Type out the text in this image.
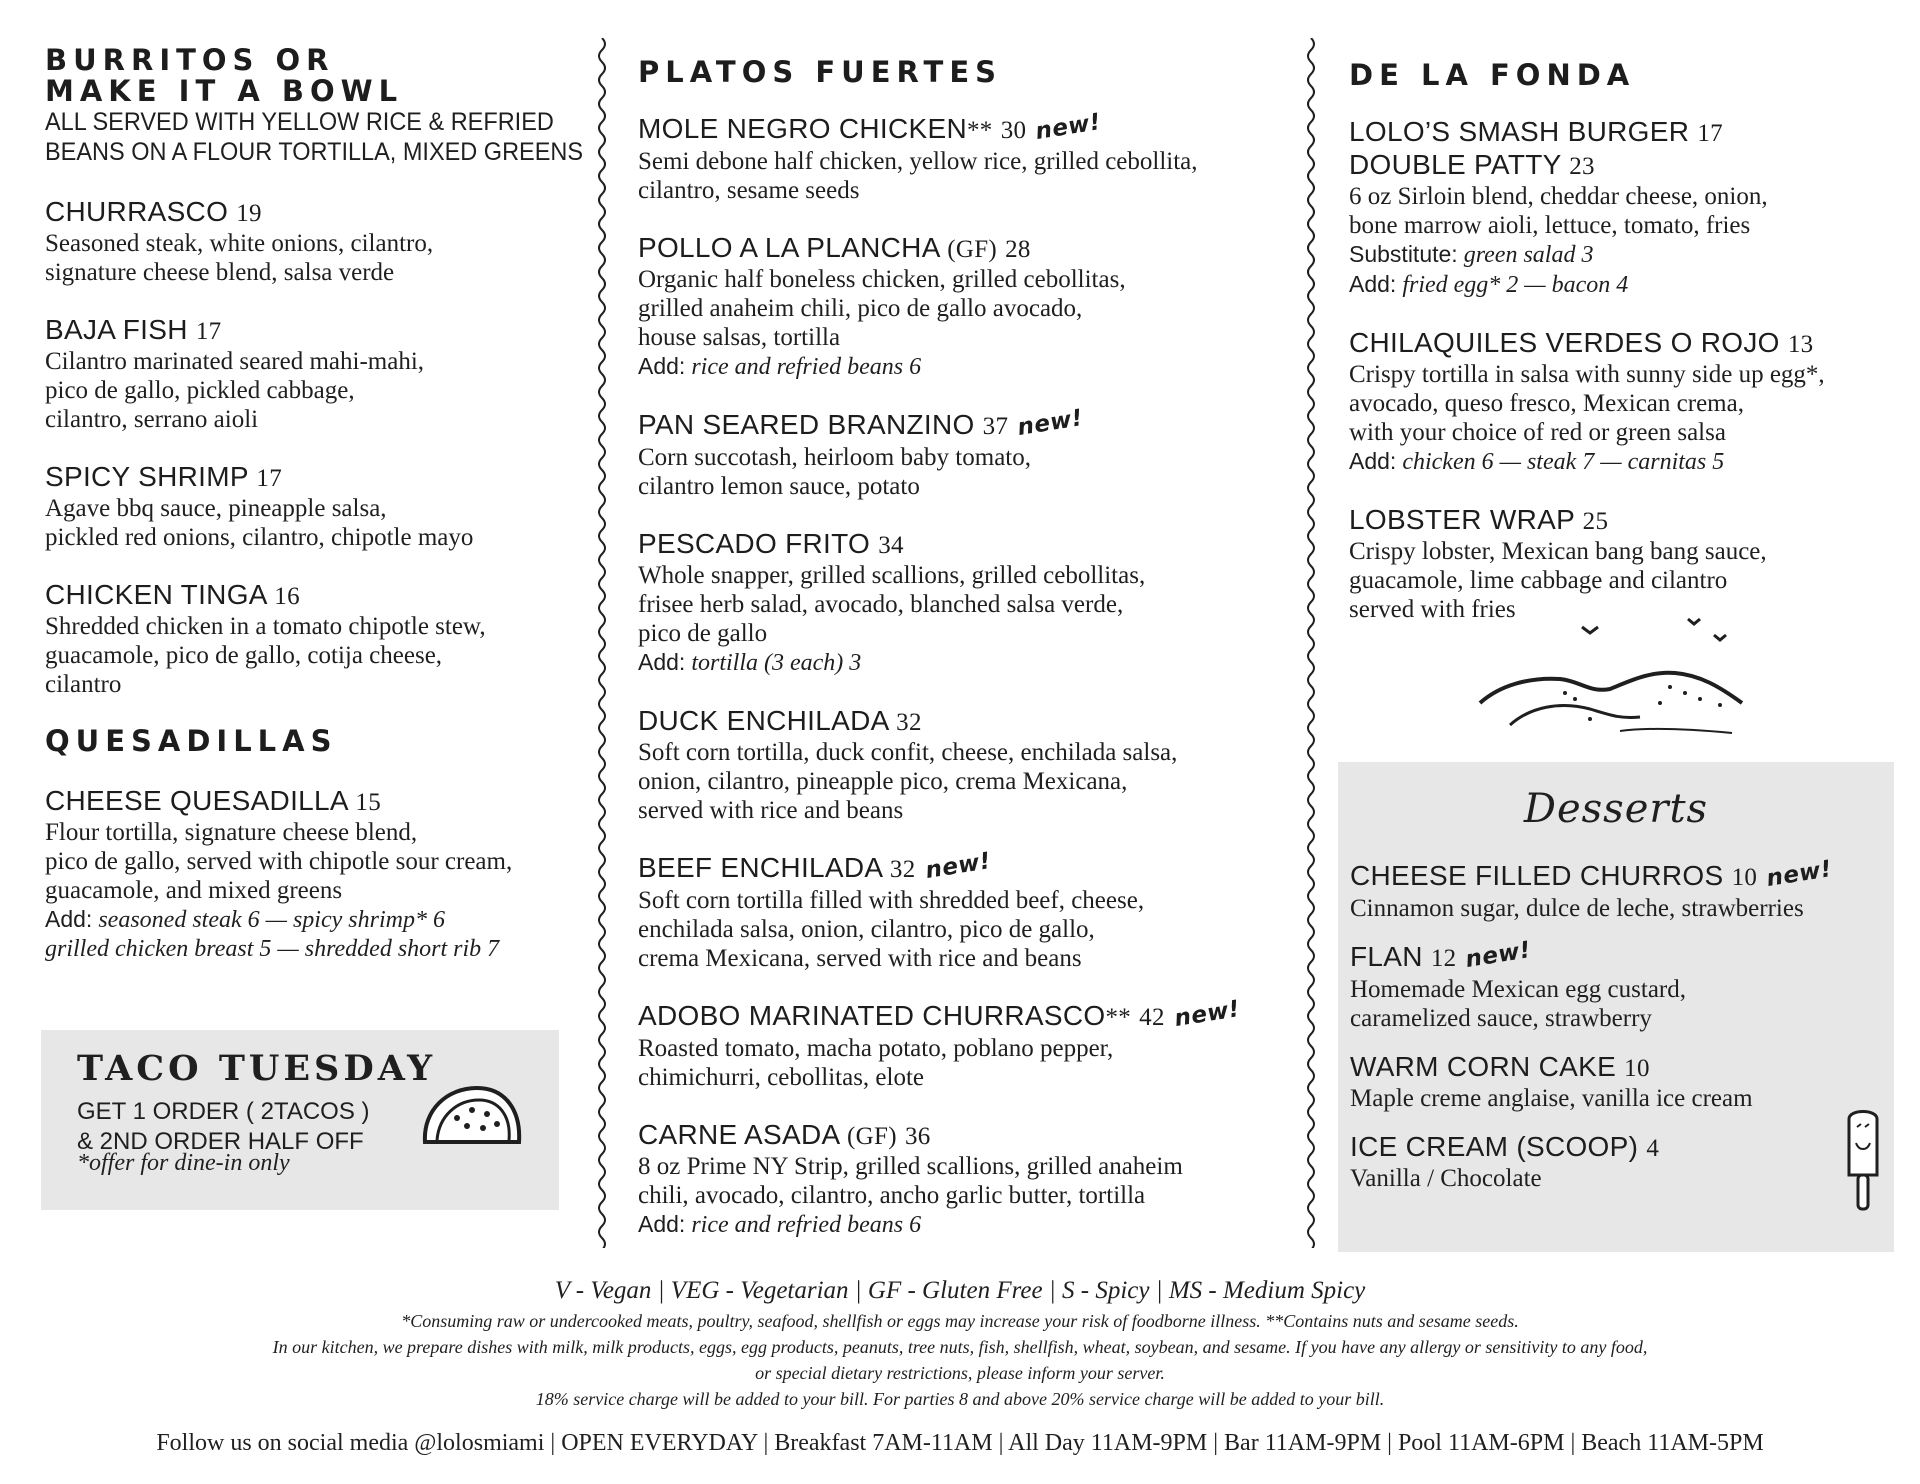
BURRITOS OR
MAKE IT A BOWL
ALL SERVED WITH YELLOW RICE & REFRIED
BEANS ON A FLOUR TORTILLA, MIXED GREENS
CHURRASCO 19
Seasoned steak, white onions, cilantro,
signature cheese blend, salsa verde
BAJA FISH 17
Cilantro marinated seared mahi-mahi,
pico de gallo, pickled cabbage,
cilantro, serrano aioli
SPICY SHRIMP 17
Agave bbq sauce, pineapple salsa,
pickled red onions, cilantro, chipotle mayo
CHICKEN TINGA 16
Shredded chicken in a tomato chipotle stew,
guacamole, pico de gallo, cotija cheese,
cilantro
QUESADILLAS
CHEESE QUESADILLA 15
Flour tortilla, signature cheese blend,
pico de gallo, served with chipotle sour cream,
guacamole, and mixed greens
Add: seasoned steak 6 — spicy shrimp* 6
grilled chicken breast 5 — shredded short rib 7
TACO TUESDAY
GET 1 ORDER ( 2TACOS )
& 2ND ORDER HALF OFF
*offer for dine-in only
PLATOS FUERTES
MOLE NEGRO CHICKEN** 30 new!
Semi debone half chicken, yellow rice, grilled cebollita,
cilantro, sesame seeds
POLLO A LA PLANCHA (GF) 28
Organic half boneless chicken, grilled cebollitas,
grilled anaheim chili, pico de gallo avocado,
house salsas, tortilla
Add: rice and refried beans 6
PAN SEARED BRANZINO 37 new!
Corn succotash, heirloom baby tomato,
cilantro lemon sauce, potato
PESCADO FRITO 34
Whole snapper, grilled scallions, grilled cebollitas,
frisee herb salad, avocado, blanched salsa verde,
pico de gallo
Add: tortilla (3 each) 3
DUCK ENCHILADA 32
Soft corn tortilla, duck confit, cheese, enchilada salsa,
onion, cilantro, pineapple pico, crema Mexicana,
served with rice and beans
BEEF ENCHILADA 32 new!
Soft corn tortilla filled with shredded beef, cheese,
enchilada salsa, onion, cilantro, pico de gallo,
crema Mexicana, served with rice and beans
ADOBO MARINATED CHURRASCO** 42 new!
Roasted tomato, macha potato, poblano pepper,
chimichurri, cebollitas, elote
CARNE ASADA (GF) 36
8 oz Prime NY Strip, grilled scallions, grilled anaheim
chili, avocado, cilantro, ancho garlic butter, tortilla
Add: rice and refried beans 6
DE LA FONDA
LOLO’S SMASH BURGER 17
DOUBLE PATTY 23
6 oz Sirloin blend, cheddar cheese, onion,
bone marrow aioli, lettuce, tomato, fries
Substitute: green salad 3
Add: fried egg* 2 — bacon 4
CHILAQUILES VERDES O ROJO 13
Crispy tortilla in salsa with sunny side up egg*,
avocado, queso fresco, Mexican crema,
with your choice of red or green salsa
Add: chicken 6 — steak 7 — carnitas 5
LOBSTER WRAP 25
Crispy lobster, Mexican bang bang sauce,
guacamole, lime cabbage and cilantro
served with fries
Desserts
CHEESE FILLED CHURROS 10 new!
Cinnamon sugar, dulce de leche, strawberries
FLAN 12 new!
Homemade Mexican egg custard,
caramelized sauce, strawberry
WARM CORN CAKE 10
Maple creme anglaise, vanilla ice cream
ICE CREAM (SCOOP) 4
Vanilla / Chocolate
V - Vegan | VEG - Vegetarian | GF - Gluten Free | S - Spicy | MS - Medium Spicy
*Consuming raw or undercooked meats, poultry, seafood, shellfish or eggs may increase your risk of foodborne illness. **Contains nuts and sesame seeds.
In our kitchen, we prepare dishes with milk, milk products, eggs, egg products, peanuts, tree nuts, fish, shellfish, wheat, soybean, and sesame. If you have any allergy or sensitivity to any food,
or special dietary restrictions, please inform your server.
18% service charge will be added to your bill. For parties 8 and above 20% service charge will be added to your bill.
Follow us on social media @lolosmiami | OPEN EVERYDAY | Breakfast 7AM-11AM | All Day 11AM-9PM | Bar 11AM-9PM | Pool 11AM-6PM | Beach 11AM-5PM
